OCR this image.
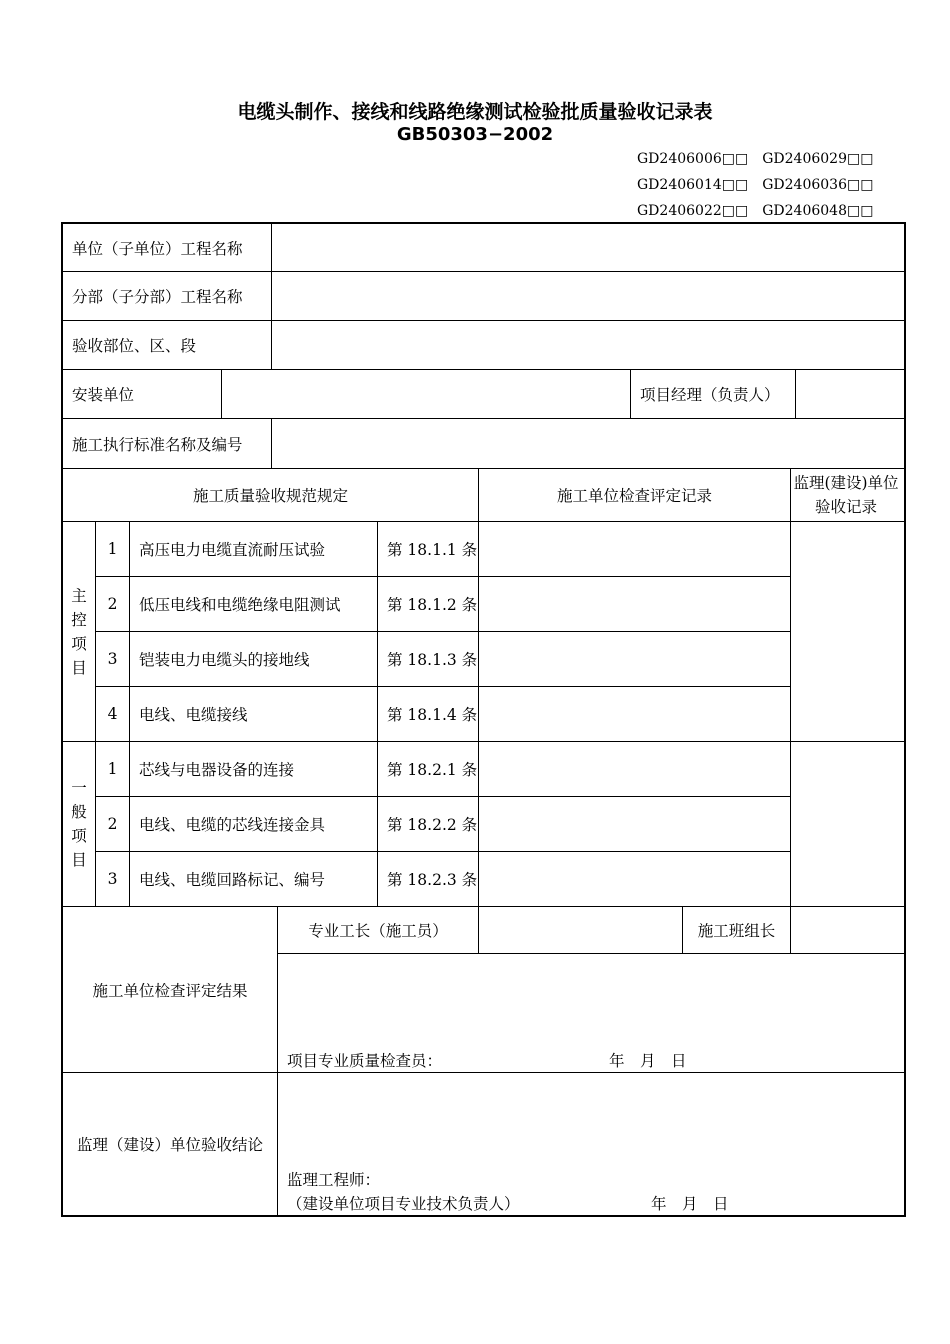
电缆头制作、接线和线路绝缘测试检验批质量验收记录表
GB50303−2002
GD2406006□□ GD2406029□□
GD2406014□□ GD2406036□□
GD2406022□□ GD2406048□□
单位（子单位）工程名称
分部（子分部）工程名称
验收部位、区、段
安装单位	项目经理（负责人）
施工执行标准名称及编号
施工质量验收规范规定	施工单位检查评定记录
监理(建设)单位验收记录
主控项目
1	高压电力电缆直流耐压试验	第 18.1.1 条
2	低压电线和电缆绝缘电阻测试	第 18.1.2 条
3	铠装电力电缆头的接地线	第 18.1.3 条
4	电线、电缆接线	第 18.1.4 条
一般项目
1	芯线与电器设备的连接	第 18.2.1 条
2	电线、电缆的芯线连接金具	第 18.2.2 条
3	电线、电缆回路标记、编号	第 18.2.3 条
施工单位检查评定结果
专业工长（施工员）	施工班组长
项目专业质量检查员：	年　月　日
监理（建设）单位验收结论
监理工程师：
（建设单位项目专业技术负责人）	年　月　日
